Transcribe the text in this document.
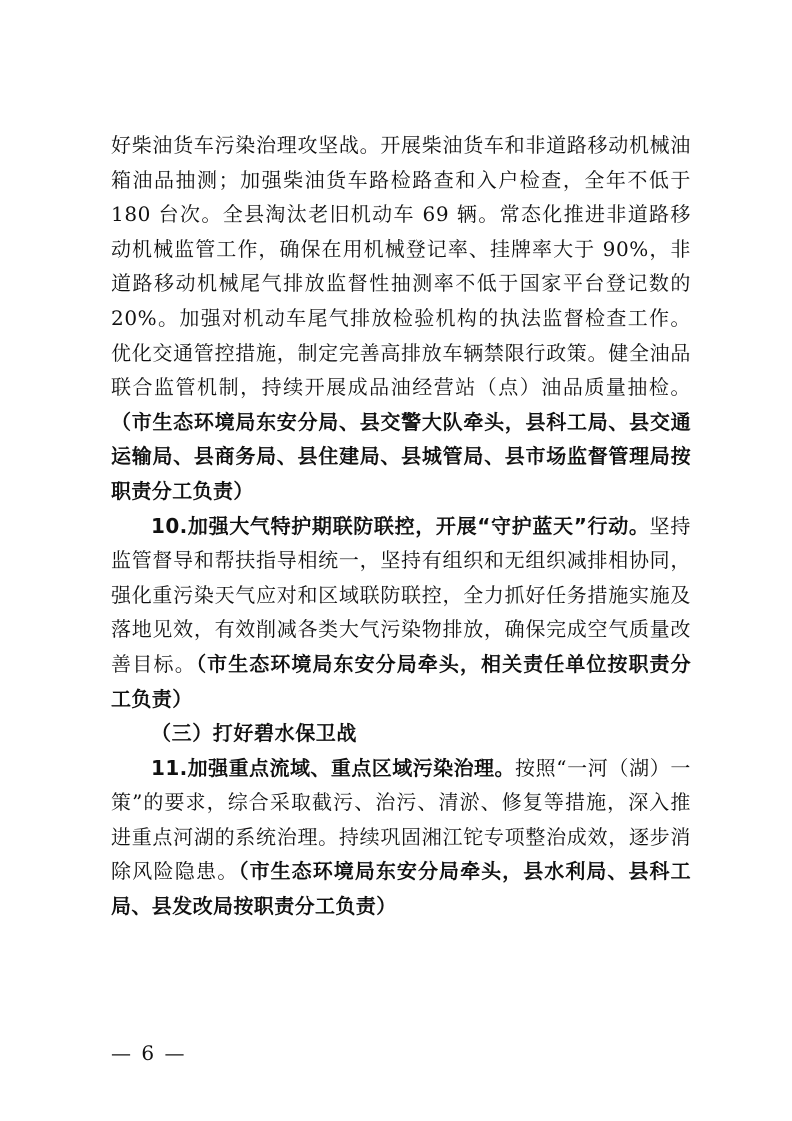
好柴油货车污染治理攻坚战。开展柴油货车和非道路移动机械油箱油品抽测；加强柴油货车路检路查和入户检查，全年不低于 180 台次。全县淘汰老旧机动车 69 辆。常态化推进非道路移动机械监管工作，确保在用机械登记率、挂牌率大于 90%，非道路移动机械尾气排放监督性抽测率不低于国家平台登记数的 20%。加强对机动车尾气排放检验机构的执法监督检查工作。优化交通管控措施，制定完善高排放车辆禁限行政策。健全油品联合监管机制，持续开展成品油经营站（点）油品质量抽检。（市生态环境局东安分局、县交警大队牵头，县科工局、县交通运输局、县商务局、县住建局、县城管局、县市场监督管理局按职责分工负责）

10.加强大气特护期联防联控，开展“守护蓝天”行动。坚持监管督导和帮扶指导相统一，坚持有组织和无组织减排相协同，强化重污染天气应对和区域联防联控，全力抓好任务措施实施及落地见效，有效削减各类大气污染物排放，确保完成空气质量改善目标。（市生态环境局东安分局牵头，相关责任单位按职责分工负责）

（三）打好碧水保卫战

11.加强重点流域、重点区域污染治理。按照“一河（湖）一策”的要求，综合采取截污、治污、清淤、修复等措施，深入推进重点河湖的系统治理。持续巩固湘江铊专项整治成效，逐步消除风险隐患。（市生态环境局东安分局牵头，县水利局、县科工局、县发改局按职责分工负责）

— 6 —
